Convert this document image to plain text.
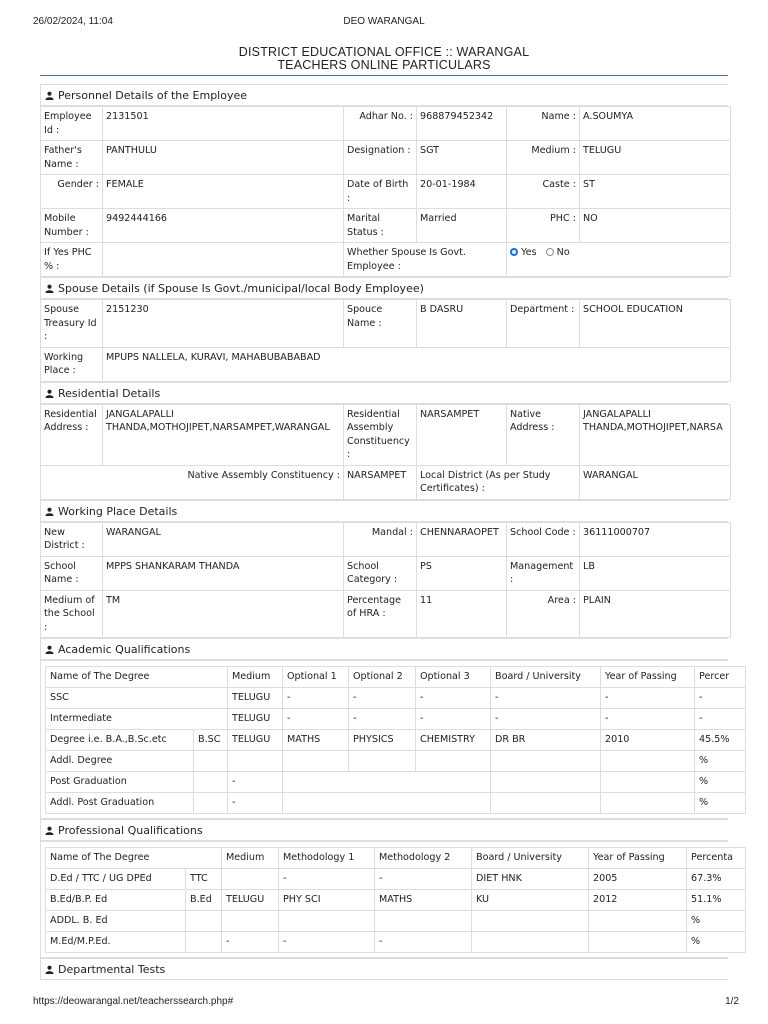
26/02/2024, 11:04	DEO WARANGAL
DISTRICT EDUCATIONAL OFFICE :: WARANGAL
TEACHERS ONLINE PARTICULARS
Personnel Details of the Employee
Employee Id :	2131501	Adhar No. :	968879452342	Name :	A.SOUMYA
Father's Name :	PANTHULU	Designation :	SGT	Medium :	TELUGU
Gender :	FEMALE	Date of Birth :	20-01-1984	Caste :	ST
Mobile Number :	9492444166	Marital Status :	Married	PHC :	NO
If Yes PHC % :		Whether Spouse Is Govt. Employee :		Yes No	
Spouse Details (if Spouse Is Govt./municipal/local Body Employee)
Spouse Treasury Id :	2151230	Spouce Name :	B DASRU	Department :	SCHOOL EDUCATION
Working Place :	MPUPS NALLELA, KURAVI, MAHABUBABABAD				
Residential Details
Residential Address :	JANGALAPALLI THANDA,MOTHOJIPET,NARSAMPET,WARANGAL	Residential Assembly Constituency :	NARSAMPET	Native Address :	JANGALAPALLI THANDA,MOTHOJIPET,NARSA
Native Assembly Constituency :		NARSAMPET	Local District (As per Study Certificates) :		WARANGAL
Working Place Details
New District :	WARANGAL	Mandal :	CHENNARAOPET	School Code :	36111000707
School Name :	MPPS SHANKARAM THANDA	School Category :	PS	Management :	LB
Medium of the School :	TM	Percentage of HRA :	11	Area :	PLAIN
Academic Qualifications
Name of The Degree		Medium	Optional 1	Optional 2	Optional 3	Board / University	Year of Passing	Percer
SSC		TELUGU	-	-	-	-	-	-
Intermediate		TELUGU	-	-	-	-	-	-
Degree i.e. B.A.,B.Sc.etc	B.SC	TELUGU	MATHS	PHYSICS	CHEMISTRY	DR BR	2010	45.5%
Addl. Degree								%
Post Graduation		-						%
Addl. Post Graduation		-						%
Professional Qualifications
Name of The Degree		Medium	Methodology 1	Methodology 2	Board / University	Year of Passing	Percenta
D.Ed / TTC / UG DPEd	TTC		-	-	DIET HNK	2005	67.3%
B.Ed/B.P. Ed	B.Ed	TELUGU	PHY SCI	MATHS	KU	2012	51.1%
ADDL. B. Ed							%
M.Ed/M.P.Ed.		-	-	-			%
Departmental Tests
https://deowarangal.net/teacherssearch.php#	1/2
